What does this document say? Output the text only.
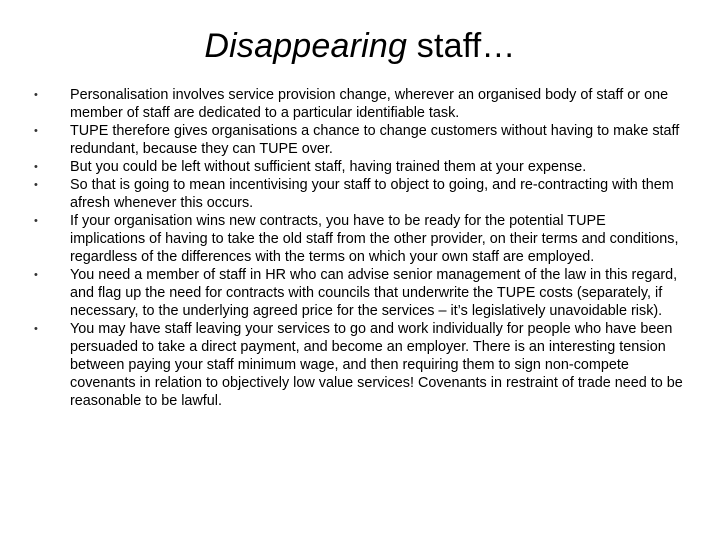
Disappearing staff…
•	Personalisation involves service provision change, wherever an organised body of staff or one member of staff are dedicated to a particular identifiable task.
•	TUPE therefore gives organisations a chance to change customers without having to make staff redundant, because they can TUPE over.
•	But you could be left without sufficient staff, having trained them at your expense.
•	So that is going to mean incentivising your staff to object to going, and re-contracting with them afresh whenever this occurs.
•	If your organisation wins new contracts, you have to be ready for the potential TUPE implications of having to take the old staff from the other provider, on their terms and conditions, regardless of the differences with the terms on which your own staff are employed.
•	You need a member of staff in HR who can advise senior management of the law in this regard, and flag up the need for contracts with councils that underwrite the TUPE costs (separately, if necessary, to the underlying agreed price for the services – it’s legislatively unavoidable risk).
•	You may have staff leaving your services to go and work individually for people who have been persuaded to take a direct payment, and become an employer. There is an interesting tension between paying your staff minimum wage, and then requiring them to sign non-compete covenants in relation to objectively low value services! Covenants in restraint of trade need to be reasonable to be lawful.
